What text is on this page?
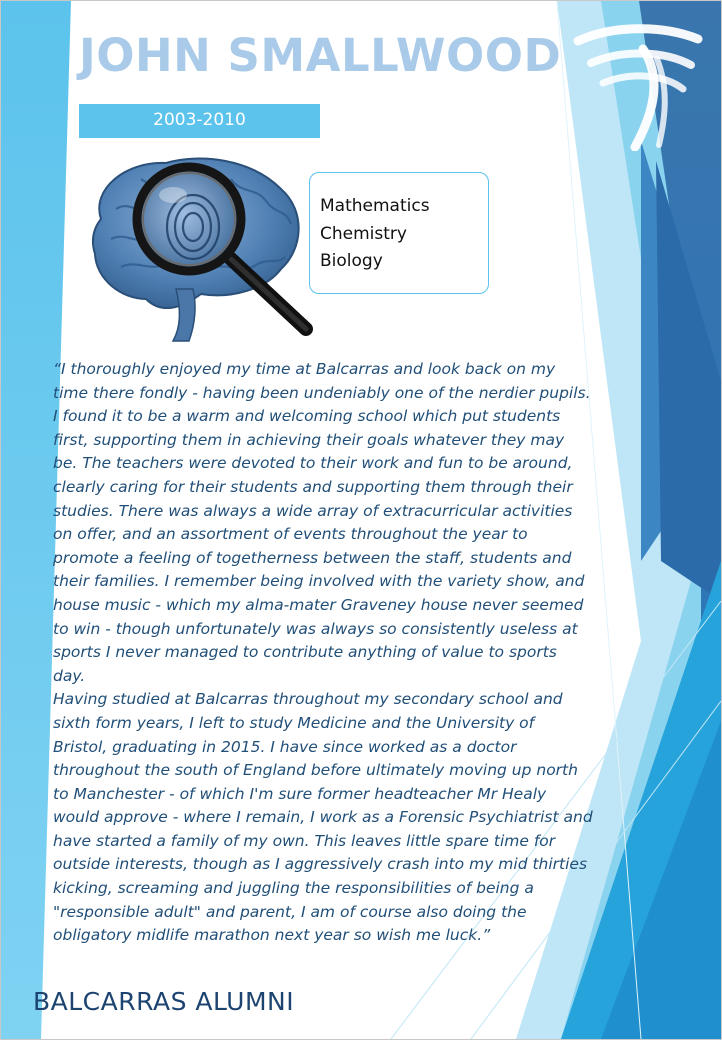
JOHN SMALLWOOD
2003-2010
Mathematics
Chemistry
Biology

“I thoroughly enjoyed my time at Balcarras and look back on my time there fondly - having been undeniably one of the nerdier pupils. I found it to be a warm and welcoming school which put students first, supporting them in achieving their goals whatever they may be. The teachers were devoted to their work and fun to be around, clearly caring for their students and supporting them through their studies. There was always a wide array of extracurricular activities on offer, and an assortment of events throughout the year to promote a feeling of togetherness between the staff, students and their families. I remember being involved with the variety show, and house music - which my alma-mater Graveney house never seemed to win - though unfortunately was always so consistently useless at sports I never managed to contribute anything of value to sports day.

Having studied at Balcarras throughout my secondary school and sixth form years, I left to study Medicine and the University of Bristol, graduating in 2015. I have since worked as a doctor throughout the south of England before ultimately moving up north to Manchester - of which I'm sure former headteacher Mr Healy would approve - where I remain, I work as a Forensic Psychiatrist and have started a family of my own. This leaves little spare time for outside interests, though as I aggressively crash into my mid thirties kicking, screaming and juggling the responsibilities of being a "responsible adult" and parent, I am of course also doing the obligatory midlife marathon next year so wish me luck.”

BALCARRAS ALUMNI
